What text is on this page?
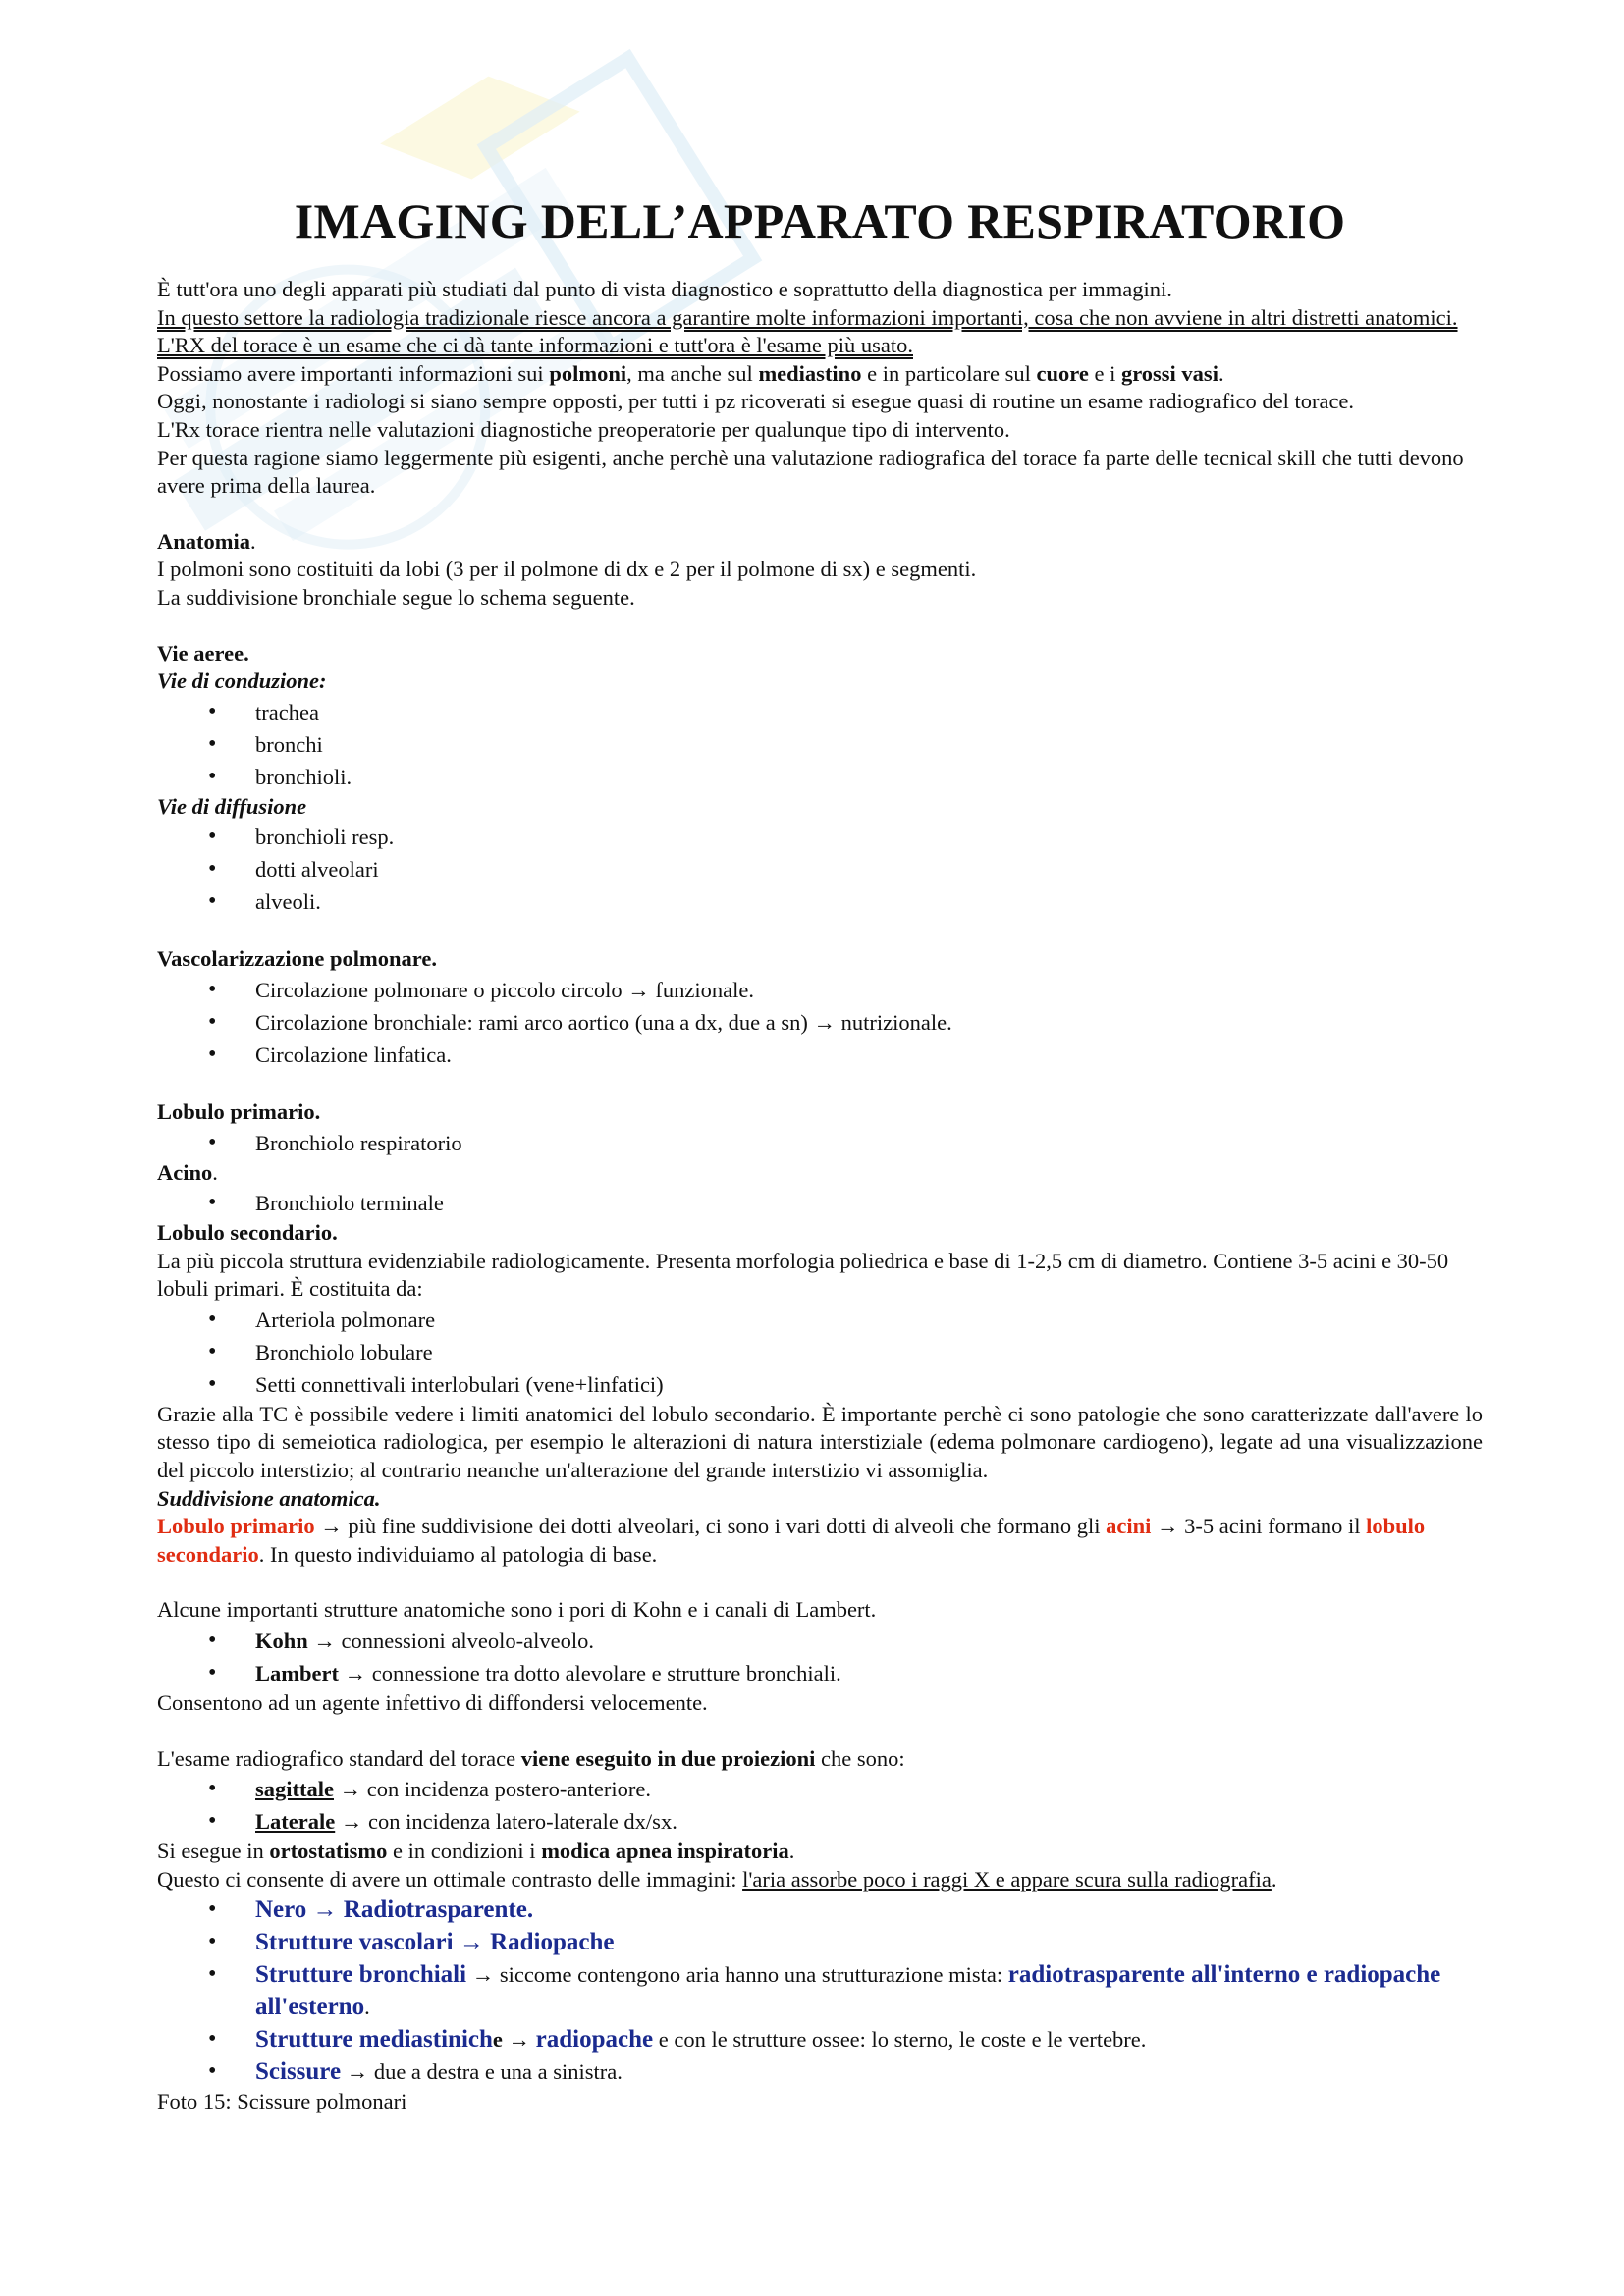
IMAGING DELL’APPARATO RESPIRATORIO

È tutt'ora uno degli apparati più studiati dal punto di vista diagnostico e soprattutto della diagnostica per immagini.

In questo settore la radiologia tradizionale riesce ancora a garantire molte informazioni importanti, cosa che non avviene in altri distretti anatomici. L'RX del torace è un esame che ci dà tante informazioni e tutt'ora è l'esame più usato.

Possiamo avere importanti informazioni sui polmoni, ma anche sul mediastino e in particolare sul cuore e i grossi vasi.

Oggi, nonostante i radiologi si siano sempre opposti, per tutti i pz ricoverati si esegue quasi di routine un esame radiografico del torace.

L'Rx torace rientra nelle valutazioni diagnostiche preoperatorie per qualunque tipo di intervento.

Per questa ragione siamo leggermente più esigenti, anche perchè una valutazione radiografica del torace fa parte delle tecnical skill che tutti devono avere prima della laurea.

Anatomia.

I polmoni sono costituiti da lobi (3 per il polmone di dx e 2 per il polmone di sx) e segmenti.

La suddivisione bronchiale segue lo schema seguente.

Vie aeree.

Vie di conduzione:

• trachea
• bronchi
• bronchioli.

Vie di diffusione

• bronchioli resp.
• dotti alveolari
• alveoli.

Vascolarizzazione polmonare.

• Circolazione polmonare o piccolo circolo → funzionale.
• Circolazione bronchiale: rami arco aortico (una a dx, due a sn) → nutrizionale.
• Circolazione linfatica.

Lobulo primario.

• Bronchiolo respiratorio

Acino.

• Bronchiolo terminale

Lobulo secondario.

La più piccola struttura evidenziabile radiologicamente. Presenta morfologia poliedrica e base di 1-2,5 cm di diametro. Contiene 3-5 acini e 30-50 lobuli primari. È costituita da:

• Arteriola polmonare
• Bronchiolo lobulare
• Setti connettivali interlobulari (vene+linfatici)

Grazie alla TC è possibile vedere i limiti anatomici del lobulo secondario. È importante perchè ci sono patologie che sono caratterizzate dall'avere lo stesso tipo di semeiotica radiologica, per esempio le alterazioni di natura interstiziale (edema polmonare cardiogeno), legate ad una visualizzazione del piccolo interstizio; al contrario neanche un'alterazione del grande interstizio vi assomiglia.

Suddivisione anatomica.

Lobulo primario → più fine suddivisione dei dotti alveolari, ci sono i vari dotti di alveoli che formano gli acini → 3-5 acini formano il lobulo secondario. In questo individuiamo al patologia di base.

Alcune importanti strutture anatomiche sono i pori di Kohn e i canali di Lambert.

• Kohn → connessioni alveolo-alveolo.
• Lambert → connessione tra dotto alevolare e strutture bronchiali.

Consentono ad un agente infettivo di diffondersi velocemente.

L'esame radiografico standard del torace viene eseguito in due proiezioni che sono:

• sagittale → con incidenza postero-anteriore.
• Laterale → con incidenza latero-laterale dx/sx.

Si esegue in ortostatismo e in condizioni i modica apnea inspiratoria.

Questo ci consente di avere un ottimale contrasto delle immagini: l'aria assorbe poco i raggi X e appare scura sulla radiografia.

• Nero → Radiotrasparente.
• Strutture vascolari → Radiopache
• Strutture bronchiali → siccome contengono aria hanno una strutturazione mista: radiotrasparente all'interno e radiopache all'esterno.
• Strutture mediastiniche → radiopache e con le strutture ossee: lo sterno, le coste e le vertebre.
• Scissure → due a destra e una a sinistra.

Foto 15: Scissure polmonari
